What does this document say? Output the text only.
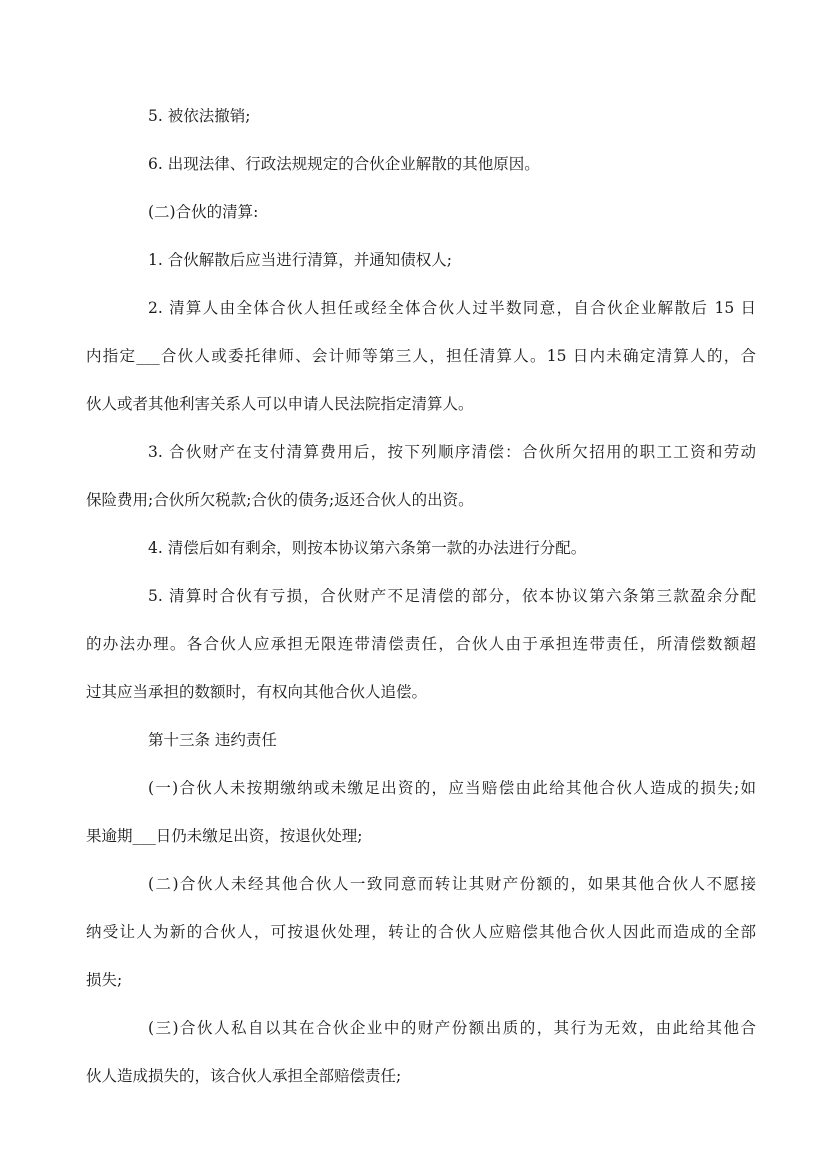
5. 被依法撤销;
6. 出现法律、行政法规规定的合伙企业解散的其他原因。
(二)合伙的清算:
1. 合伙解散后应当进行清算，并通知债权人;
2. 清算人由全体合伙人担任或经全体合伙人过半数同意，自合伙企业解散后 15 日
内指定___合伙人或委托律师、会计师等第三人，担任清算人。15 日内未确定清算人的，合
伙人或者其他利害关系人可以申请人民法院指定清算人。
3. 合伙财产在支付清算费用后，按下列顺序清偿：合伙所欠招用的职工工资和劳动
保险费用;合伙所欠税款;合伙的债务;返还合伙人的出资。
4. 清偿后如有剩余，则按本协议第六条第一款的办法进行分配。
5. 清算时合伙有亏损，合伙财产不足清偿的部分，依本协议第六条第三款盈余分配
的办法办理。各合伙人应承担无限连带清偿责任，合伙人由于承担连带责任，所清偿数额超
过其应当承担的数额时，有权向其他合伙人追偿。
第十三条 违约责任
(一)合伙人未按期缴纳或未缴足出资的，应当赔偿由此给其他合伙人造成的损失;如
果逾期___日仍未缴足出资，按退伙处理;
(二)合伙人未经其他合伙人一致同意而转让其财产份额的，如果其他合伙人不愿接
纳受让人为新的合伙人，可按退伙处理，转让的合伙人应赔偿其他合伙人因此而造成的全部
损失;
(三)合伙人私自以其在合伙企业中的财产份额出质的，其行为无效，由此给其他合
伙人造成损失的，该合伙人承担全部赔偿责任;
